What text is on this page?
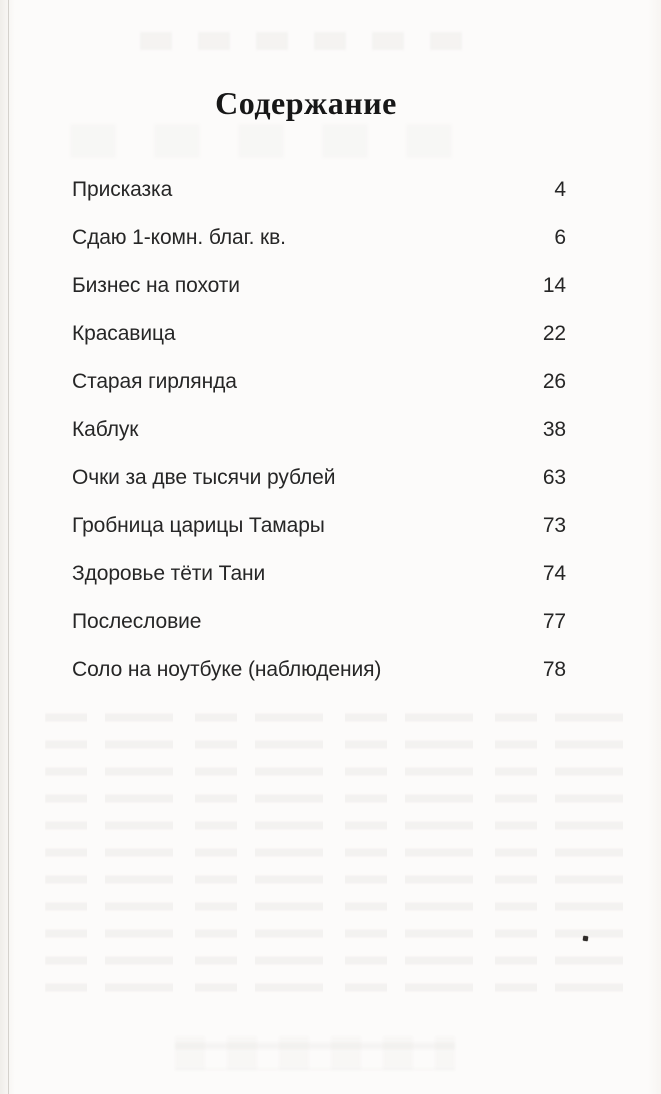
Содержание
Присказка	4
Сдаю 1-комн. благ. кв.	6
Бизнес на похоти	14
Красавица	22
Старая гирлянда	26
Каблук	38
Очки за две тысячи рублей	63
Гробница царицы Тамары	73
Здоровье тёти Тани	74
Послесловие	77
Соло на ноутбуке (наблюдения)	78
